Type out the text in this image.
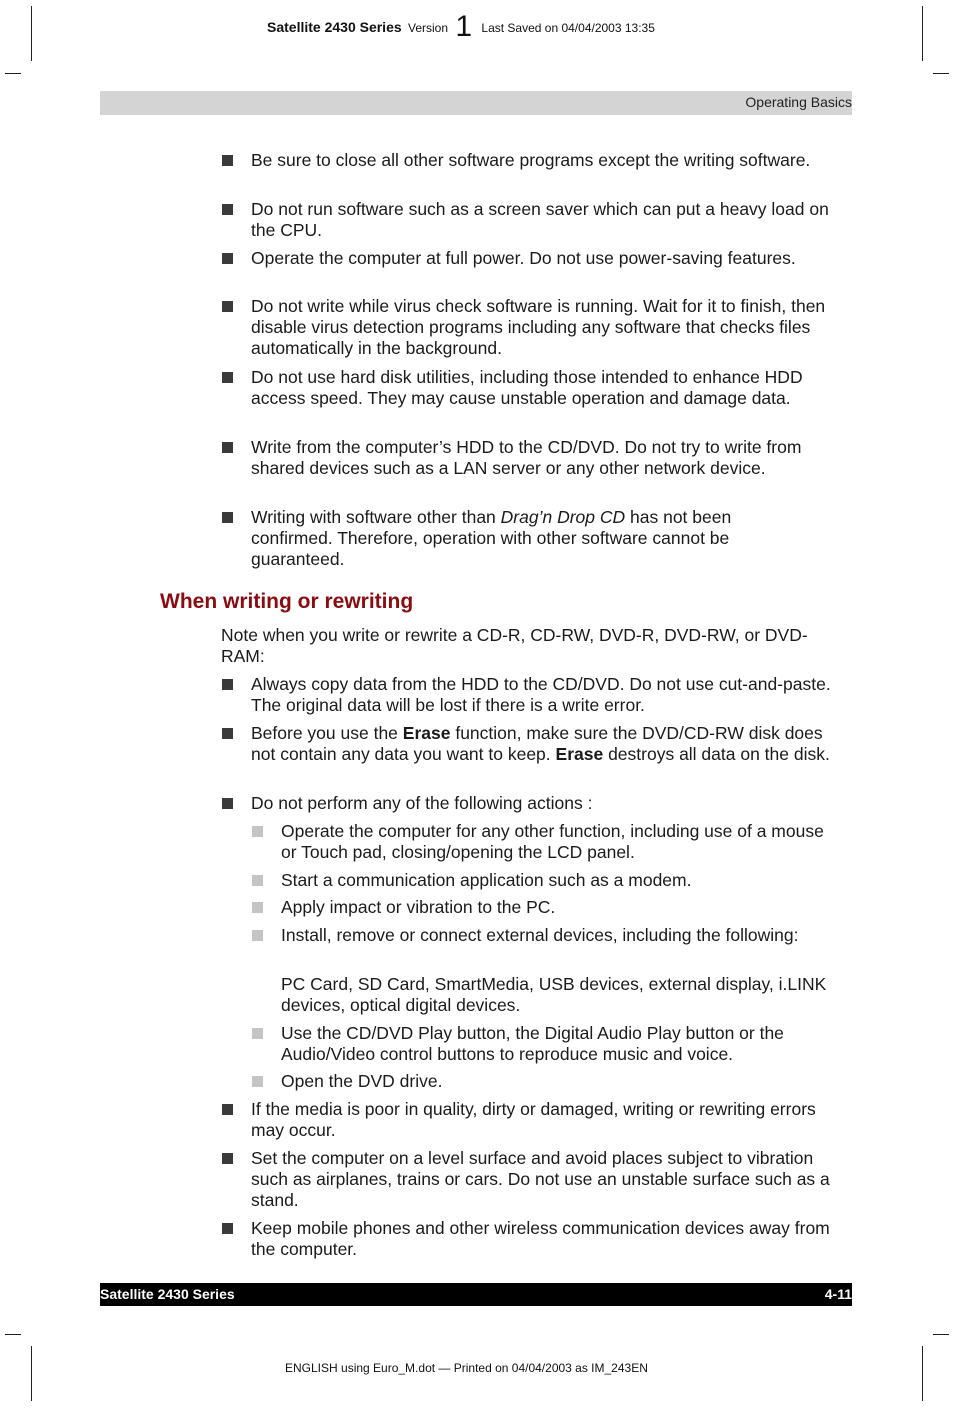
Satellite 2430 Series Version 1 Last Saved on 04/04/2003 13:35
Operating Basics
Be sure to close all other software programs except the writing software.
Do not run software such as a screen saver which can put a heavy load on the CPU.
Operate the computer at full power. Do not use power-saving features.
Do not write while virus check software is running. Wait for it to finish, then disable virus detection programs including any software that checks files automatically in the background.
Do not use hard disk utilities, including those intended to enhance HDD access speed. They may cause unstable operation and damage data.
Write from the computer’s HDD to the CD/DVD. Do not try to write from shared devices such as a LAN server or any other network device.
Writing with software other than Drag’n Drop CD has not been confirmed. Therefore, operation with other software cannot be guaranteed.
When writing or rewriting
Note when you write or rewrite a CD-R, CD-RW, DVD-R, DVD-RW, or DVD-RAM:
Always copy data from the HDD to the CD/DVD. Do not use cut-and-paste. The original data will be lost if there is a write error.
Before you use the Erase function, make sure the DVD/CD-RW disk does not contain any data you want to keep. Erase destroys all data on the disk.
Do not perform any of the following actions :
Operate the computer for any other function, including use of a mouse or Touch pad, closing/opening the LCD panel.
Start a communication application such as a modem.
Apply impact or vibration to the PC.
Install, remove or connect external devices, including the following:
PC Card, SD Card, SmartMedia, USB devices, external display, i.LINK devices, optical digital devices.
Use the CD/DVD Play button, the Digital Audio Play button or the Audio/Video control buttons to reproduce music and voice.
Open the DVD drive.
If the media is poor in quality, dirty or damaged, writing or rewriting errors may occur.
Set the computer on a level surface and avoid places subject to vibration such as airplanes, trains or cars. Do not use an unstable surface such as a stand.
Keep mobile phones and other wireless communication devices away from the computer.
Satellite 2430 Series	4-11
ENGLISH using Euro_M.dot — Printed on 04/04/2003 as IM_243EN
